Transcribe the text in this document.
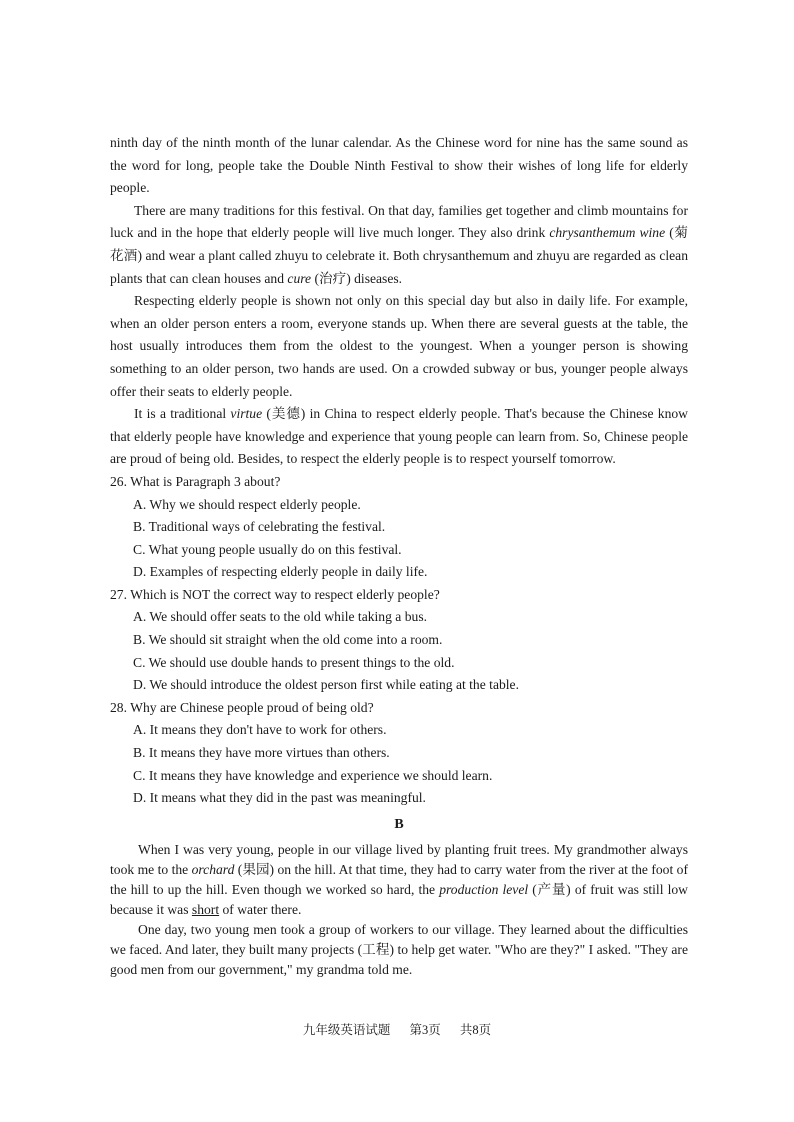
ninth day of the ninth month of the lunar calendar. As the Chinese word for nine has the same sound as the word for long, people take the Double Ninth Festival to show their wishes of long life for elderly people.

There are many traditions for this festival. On that day, families get together and climb mountains for luck and in the hope that elderly people will live much longer. They also drink chrysanthemum wine (菊花酒) and wear a plant called zhuyu to celebrate it. Both chrysanthemum and zhuyu are regarded as clean plants that can clean houses and cure (治疗) diseases.

Respecting elderly people is shown not only on this special day but also in daily life. For example, when an older person enters a room, everyone stands up. When there are several guests at the table, the host usually introduces them from the oldest to the youngest. When a younger person is showing something to an older person, two hands are used. On a crowded subway or bus, younger people always offer their seats to elderly people.

It is a traditional virtue (美德) in China to respect elderly people. That's because the Chinese know that elderly people have knowledge and experience that young people can learn from. So, Chinese people are proud of being old. Besides, to respect the elderly people is to respect yourself tomorrow.

26. What is Paragraph 3 about?
A. Why we should respect elderly people.
B. Traditional ways of celebrating the festival.
C. What young people usually do on this festival.
D. Examples of respecting elderly people in daily life.
27. Which is NOT the correct way to respect elderly people?
A. We should offer seats to the old while taking a bus.
B. We should sit straight when the old come into a room.
C. We should use double hands to present things to the old.
D. We should introduce the oldest person first while eating at the table.
28. Why are Chinese people proud of being old?
A. It means they don't have to work for others.
B. It means they have more virtues than others.
C. It means they have knowledge and experience we should learn.
D. It means what they did in the past was meaningful.
B

When I was very young, people in our village lived by planting fruit trees. My grandmother always took me to the orchard (果园) on the hill. At that time, they had to carry water from the river at the foot of the hill to up the hill. Even though we worked so hard, the production level (产量) of fruit was still low because it was short of water there.

One day, two young men took a group of workers to our village. They learned about the difficulties we faced. And later, they built many projects (工程) to help get water. "Who are they?" I asked. "They are good men from our government," my grandma told me.

九年级英语试题 第3页 共8页
